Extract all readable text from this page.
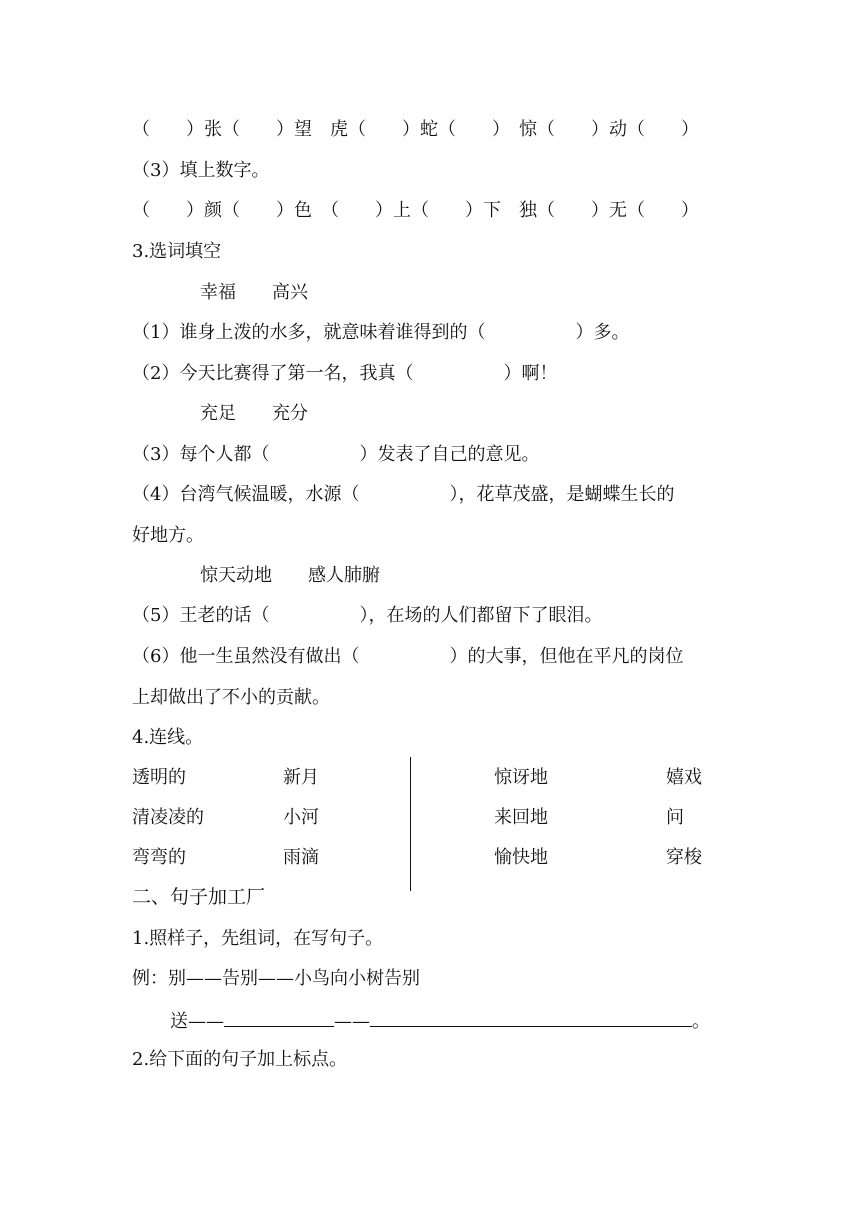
（　　）张（　　）望　虎（　　）蛇（　　）　惊（　　）动（　　）
（3）填上数字。
（　　）颜（　　）色　（　　）上（　　）下　独（　　）无（　　）
3.选词填空
幸福　　高兴
（1）谁身上泼的水多，就意味着谁得到的（　　　　　）多。
（2）今天比赛得了第一名，我真（　　　　　）啊！
充足　　充分
（3）每个人都（　　　　　）发表了自己的意见。
（4）台湾气候温暖，水源（　　　　　），花草茂盛，是蝴蝶生长的
好地方。
惊天动地　　感人肺腑
（5）王老的话（　　　　　），在场的人们都留下了眼泪。
（6）他一生虽然没有做出（　　　　　）的大事，但他在平凡的岗位
上却做出了不小的贡献。
4.连线。
透明的
清凌凌的
弯弯的
新月
小河
雨滴
惊讶地
来回地
愉快地
嬉戏
问
穿梭
二、句子加工厂
1.照样子，先组词，在写句子。
例：别——告别——小鸟向小树告别
送——	——	。
2.给下面的句子加上标点。
